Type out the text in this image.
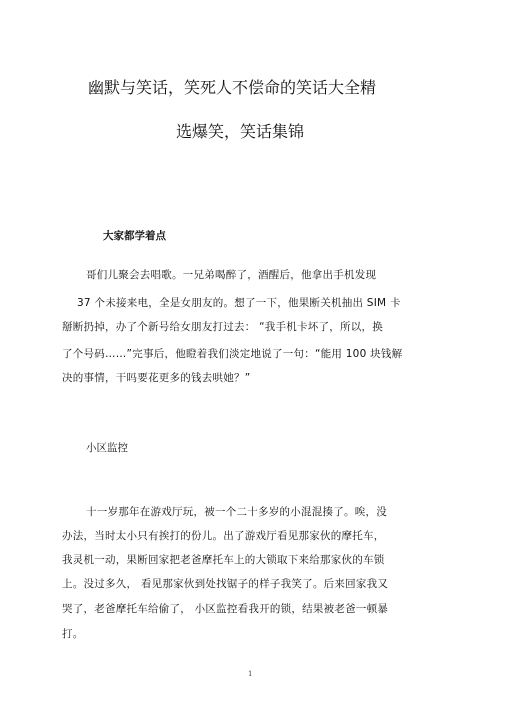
幽默与笑话，笑死人不偿命的笑话大全精
选爆笑，笑话集锦
大家都学着点
哥们儿聚会去唱歌。一兄弟喝醉了，酒醒后，他拿出手机发现
37 个未接来电，全是女朋友的。想了一下，他果断关机抽出 SIM 卡
掰断扔掉，办了个新号给女朋友打过去： “我手机卡坏了，所以，换
了个号码……”完事后，他瞪着我们淡定地说了一句：“能用 100 块钱解
决的事情，干吗要花更多的钱去哄她？”
小区监控
十一岁那年在游戏厅玩，被一个二十多岁的小混混揍了。唉，没
办法，当时太小只有挨打的份儿。出了游戏厅看见那家伙的摩托车，
我灵机一动，果断回家把老爸摩托车上的大锁取下来给那家伙的车锁
上。没过多久， 看见那家伙到处找锯子的样子我笑了。后来回家我又
哭了，老爸摩托车给偷了， 小区监控看我开的锁，结果被老爸一顿暴
打。
1
